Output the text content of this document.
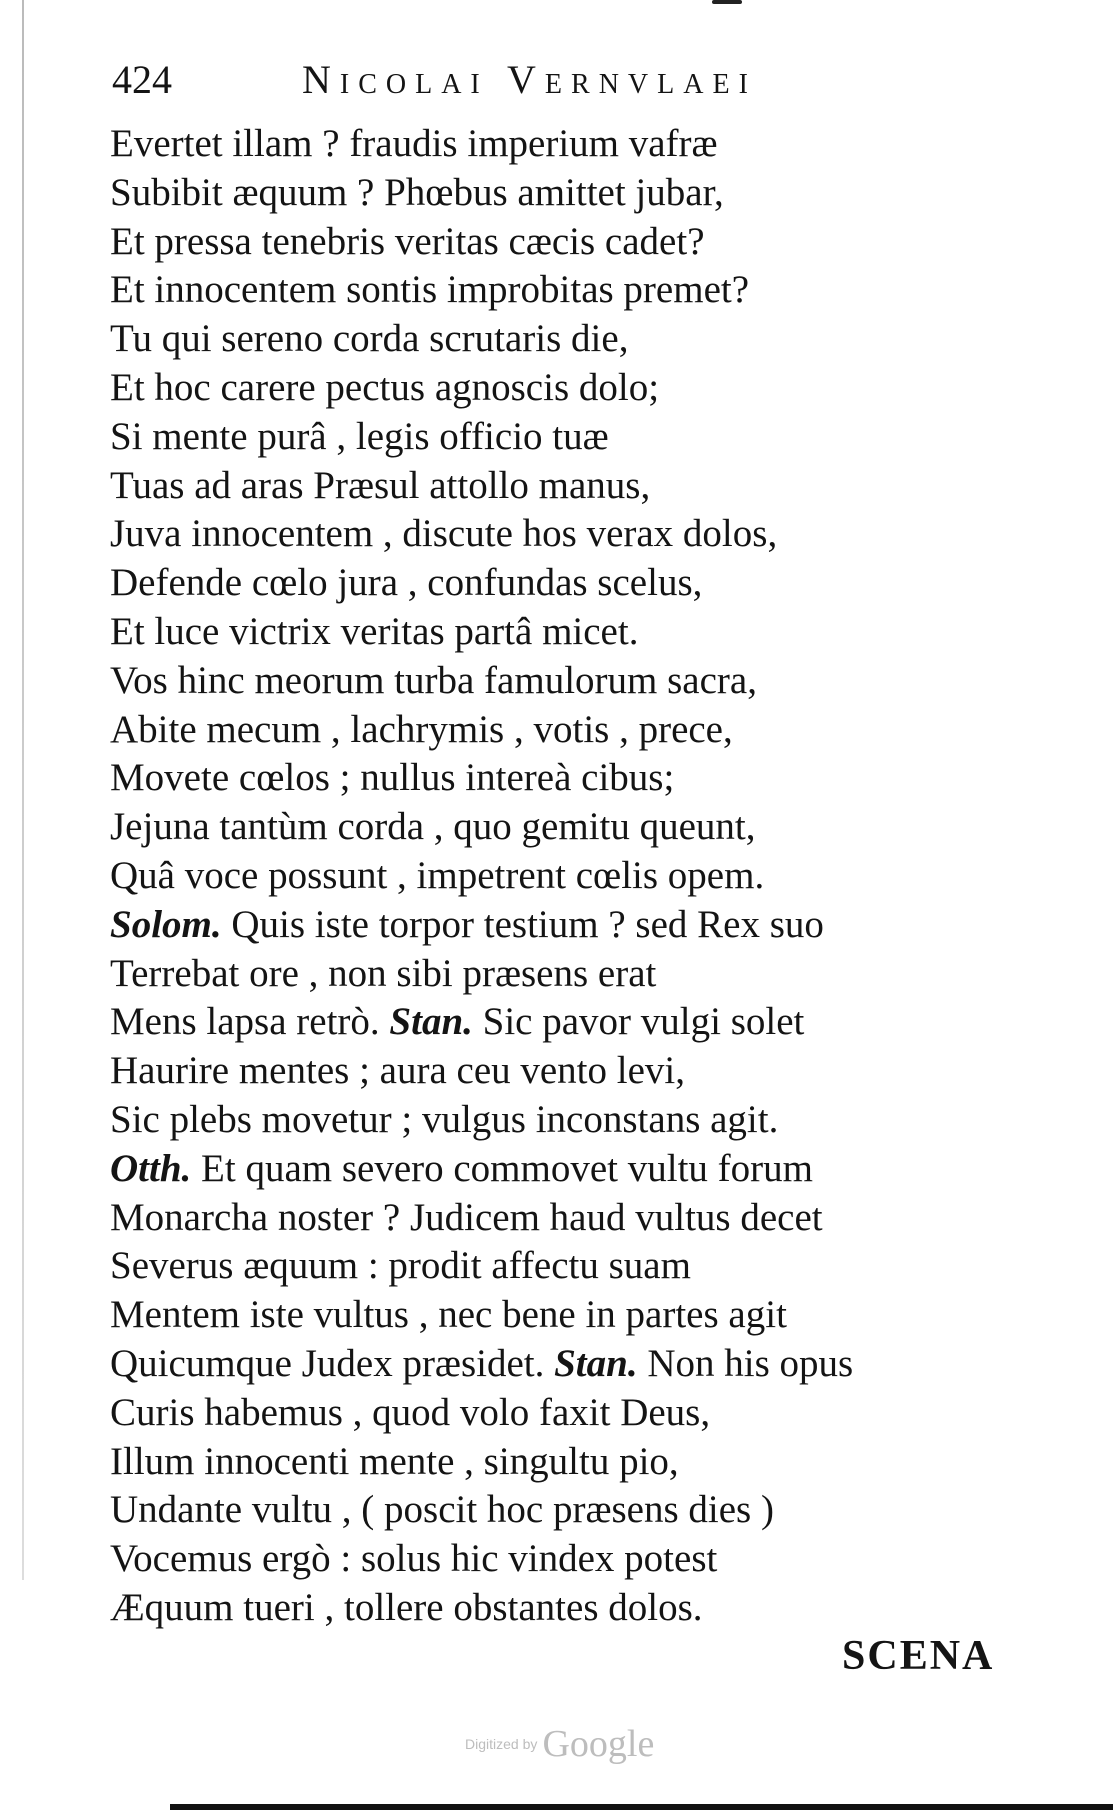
424	Nicolai Vernvlaei
Evertet illam ? fraudis imperium vafræ
Subibit æquum ? Phœbus amittet jubar,
Et pressa tenebris veritas cæcis cadet?
Et innocentem sontis improbitas premet?
Tu qui sereno corda scrutaris die,
Et hoc carere pectus agnoscis dolo;
Si mente purâ , legis officio tuæ
Tuas ad aras Præsul attollo manus,
Juva innocentem , discute hos verax dolos,
Defende cœlo jura , confundas scelus,
Et luce victrix veritas partâ micet.
Vos hinc meorum turba famulorum sacra,
Abite mecum , lachrymis , votis , prece,
Movete cœlos ; nullus intereà cibus;
Jejuna tantùm corda , quo gemitu queunt,
Quâ voce possunt , impetrent cœlis opem.
Solom. Quis iste torpor testium ? sed Rex suo
Terrebat ore , non sibi præsens erat
Mens lapsa retrò. Stan. Sic pavor vulgi solet
Haurire mentes ; aura ceu vento levi,
Sic plebs movetur ; vulgus inconstans agit.
Otth. Et quam severo commovet vultu forum
Monarcha noster ? Judicem haud vultus decet
Severus æquum : prodit affectu suam
Mentem iste vultus , nec bene in partes agit
Quicumque Judex præsidet. Stan. Non his opus
Curis habemus , quod volo faxit Deus,
Illum innocenti mente , singultu pio,
Undante vultu , ( poscit hoc præsens dies )
Vocemus ergò : solus hic vindex potest
Æquum tueri , tollere obstantes dolos.
SCENA
Digitized by Google
